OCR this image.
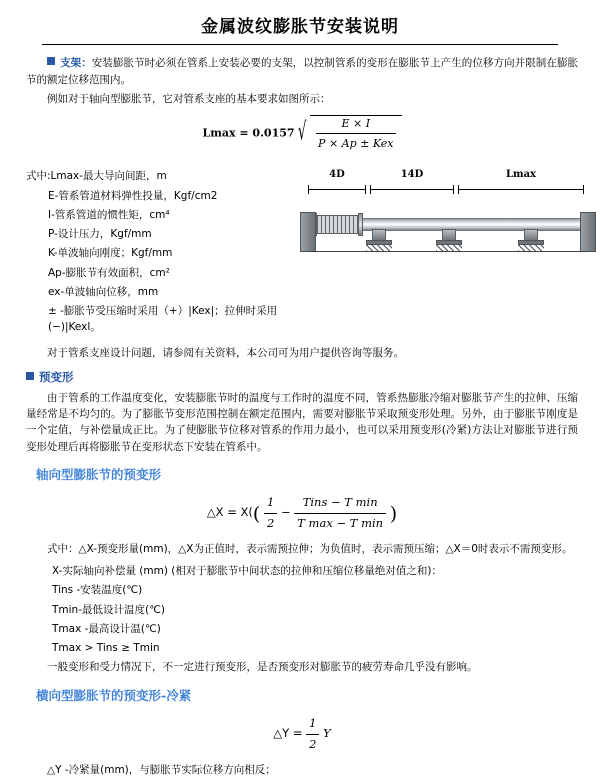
金属波纹膨胀节安装说明

支架：安装膨胀节时必须在管系上安装必要的支架，以控制管系的变形在膨胀节上产生的位移方向并限制在膨胀节的额定位移范围内。

例如对于轴向型膨胀节，它对管系支座的基本要求如图所示：

Lmax = 0.0157 √ $\frac{E \times I}{\text{P × Ap ± Kex}}$
式中:Lmax-最大导向间距，m
E-管系管道材料弹性投量，Kgf/cm2
I-管系管道的惯性矩，cm⁴
P-设计压力，Kgf/mm
K-单波轴向刚度；Kgf/mm
Ap-膨胀节有效面积，cm²
ex-单波轴向位移，mm
± -膨胀节受压缩时采用（+）|Kex|；拉伸时采用(−)|Kexl。
4D	14D	Lmax

对于管系支座设计问题，请参阅有关资料，本公司可为用户提供咨询等服务。

预变形

由于管系的工作温度变化，安装膨胀节时的温度与工作时的温度不同，管系热膨胀冷缩对膨胀节产生的拉伸、压缩量经常是不均匀的。为了膨胀节变形范围控制在额定范围内，需要对膨胀节采取预变形处理。另外，由于膨胀节刚度是一个定值，与补偿量成正比。为了使膨胀节位移对管系的作用力最小，也可以采用预变形(冷紧)方法让对膨胀节进行预变形处理后再将膨胀节在变形状态下安装在管系中。

轴向型膨胀节的预变形
△X = $X(( \frac{1}{2} - \frac{\text{Tins − T min}}{\text{T max − T min}}$ )

式中：△X-预变形量(mm)，△X为正值时，表示需预拉伸；为负值时，表示需预压缩；△X＝0时表示不需预变形。

X-实际轴向补偿量 (mm) (相对于膨胀节中间状态的拉伸和压缩位移量绝对值之和)：
Tins -安装温度(℃)
Tmin-最低设计温度(℃)
Tmax -最高设计温(℃)
Tmax > Tins ≥ Tmin

一般变形和受力情况下，不一定进行预变形，是否预变形对膨胀节的疲劳寿命几乎没有影响。

横向型膨胀节的预变形-冷紧
△Y = $\frac{1}{2}$ Y

△Y -冷紧量(mm)，与膨胀节实际位移方向相反；
